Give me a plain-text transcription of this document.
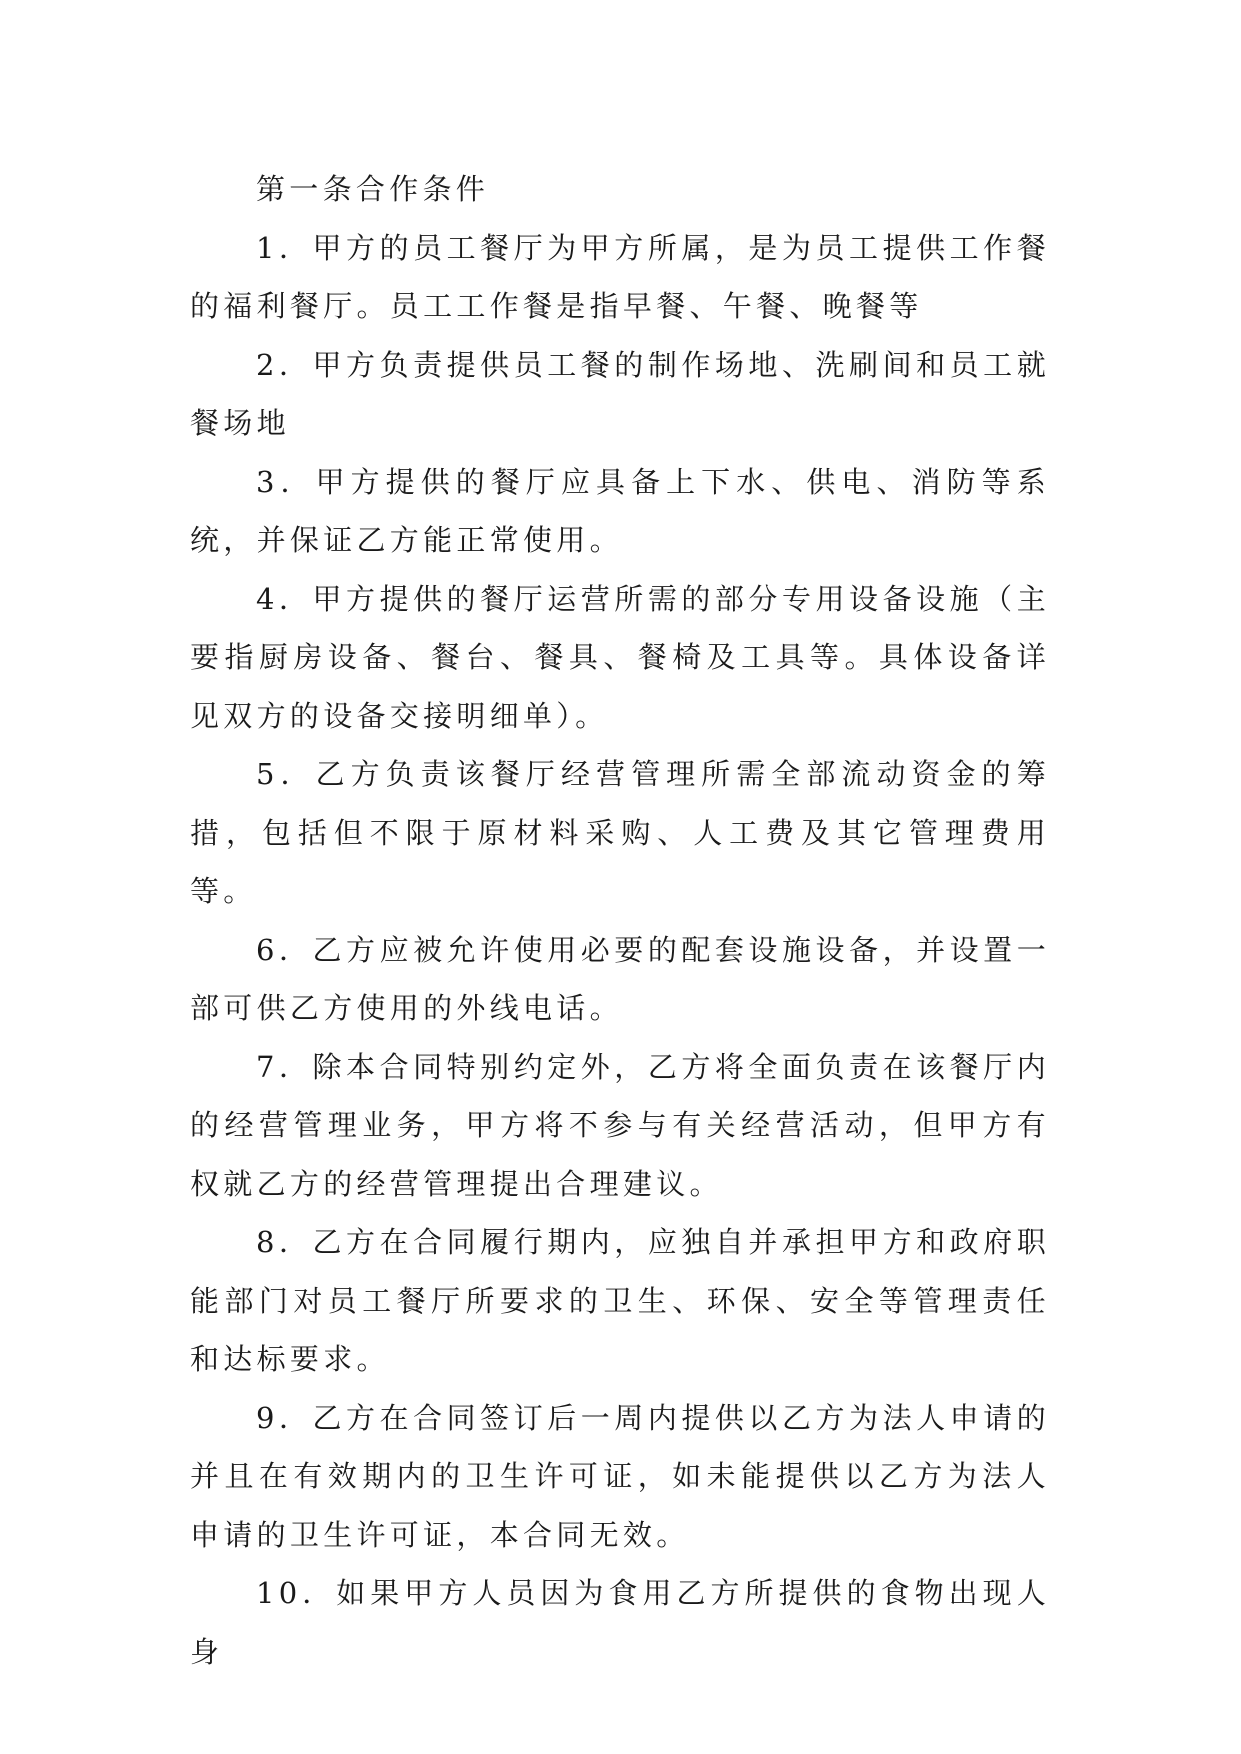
第一条合作条件

1．甲方的员工餐厅为甲方所属，是为员工提供工作餐的福利餐厅。员工工作餐是指早餐、午餐、晚餐等

2．甲方负责提供员工餐的制作场地、洗刷间和员工就餐场地

3．甲方提供的餐厅应具备上下水、供电、消防等系统，并保证乙方能正常使用。

4．甲方提供的餐厅运营所需的部分专用设备设施（主要指厨房设备、餐台、餐具、餐椅及工具等。具体设备详见双方的设备交接明细单）。

5．乙方负责该餐厅经营管理所需全部流动资金的筹措，包括但不限于原材料采购、人工费及其它管理费用等。

6．乙方应被允许使用必要的配套设施设备，并设置一部可供乙方使用的外线电话。

7．除本合同特别约定外，乙方将全面负责在该餐厅内的经营管理业务，甲方将不参与有关经营活动，但甲方有权就乙方的经营管理提出合理建议。

8．乙方在合同履行期内，应独自并承担甲方和政府职能部门对员工餐厅所要求的卫生、环保、安全等管理责任和达标要求。

9．乙方在合同签订后一周内提供以乙方为法人申请的并且在有效期内的卫生许可证，如未能提供以乙方为法人申请的卫生许可证，本合同无效。

10．如果甲方人员因为食用乙方所提供的食物出现人身
